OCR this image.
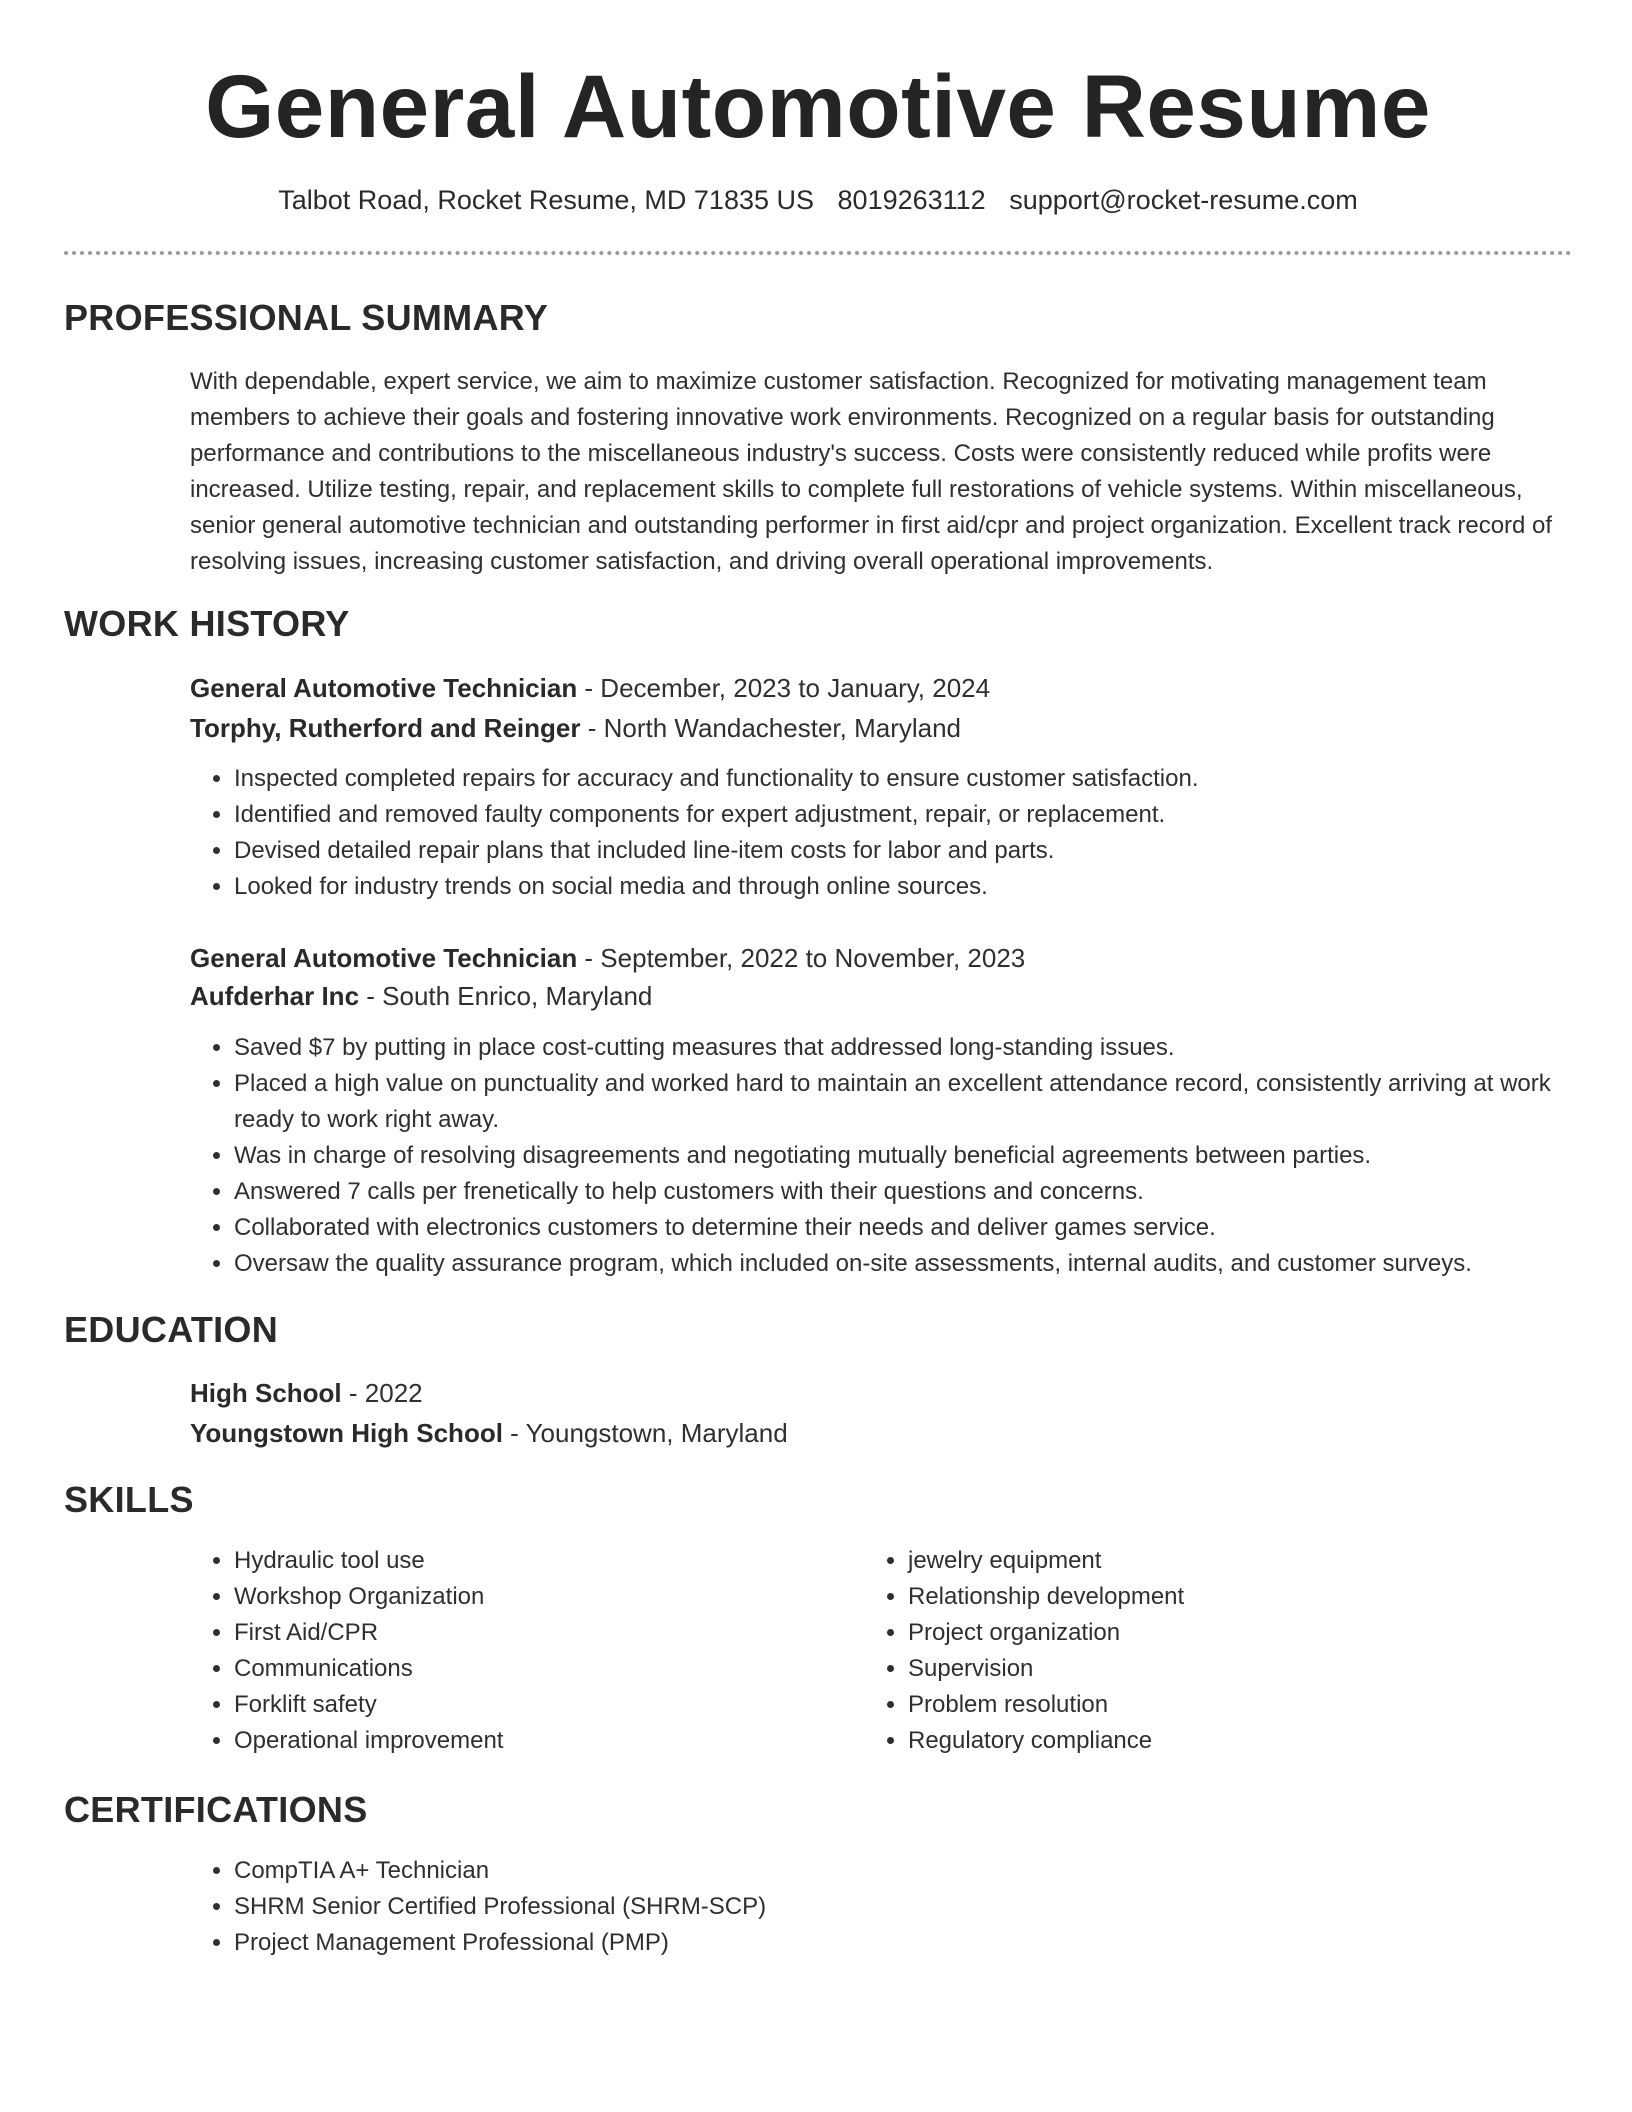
General Automotive Resume
Talbot Road, Rocket Resume, MD 71835 US 8019263112 support@rocket-resume.com
PROFESSIONAL SUMMARY
With dependable, expert service, we aim to maximize customer satisfaction. Recognized for motivating management team members to achieve their goals and fostering innovative work environments. Recognized on a regular basis for outstanding performance and contributions to the miscellaneous industry's success. Costs were consistently reduced while profits were increased. Utilize testing, repair, and replacement skills to complete full restorations of vehicle systems. Within miscellaneous, senior general automotive technician and outstanding performer in first aid/cpr and project organization. Excellent track record of resolving issues, increasing customer satisfaction, and driving overall operational improvements.
WORK HISTORY
General Automotive Technician - December, 2023 to January, 2024
Torphy, Rutherford and Reinger - North Wandachester, Maryland
• Inspected completed repairs for accuracy and functionality to ensure customer satisfaction.
• Identified and removed faulty components for expert adjustment, repair, or replacement.
• Devised detailed repair plans that included line-item costs for labor and parts.
• Looked for industry trends on social media and through online sources.
General Automotive Technician - September, 2022 to November, 2023
Aufderhar Inc - South Enrico, Maryland
• Saved $7 by putting in place cost-cutting measures that addressed long-standing issues.
• Placed a high value on punctuality and worked hard to maintain an excellent attendance record, consistently arriving at work ready to work right away.
• Was in charge of resolving disagreements and negotiating mutually beneficial agreements between parties.
• Answered 7 calls per frenetically to help customers with their questions and concerns.
• Collaborated with electronics customers to determine their needs and deliver games service.
• Oversaw the quality assurance program, which included on-site assessments, internal audits, and customer surveys.
EDUCATION
High School - 2022
Youngstown High School - Youngstown, Maryland
SKILLS
• Hydraulic tool use
• Workshop Organization
• First Aid/CPR
• Communications
• Forklift safety
• Operational improvement
• jewelry equipment
• Relationship development
• Project organization
• Supervision
• Problem resolution
• Regulatory compliance
CERTIFICATIONS
• CompTIA A+ Technician
• SHRM Senior Certified Professional (SHRM-SCP)
• Project Management Professional (PMP)
